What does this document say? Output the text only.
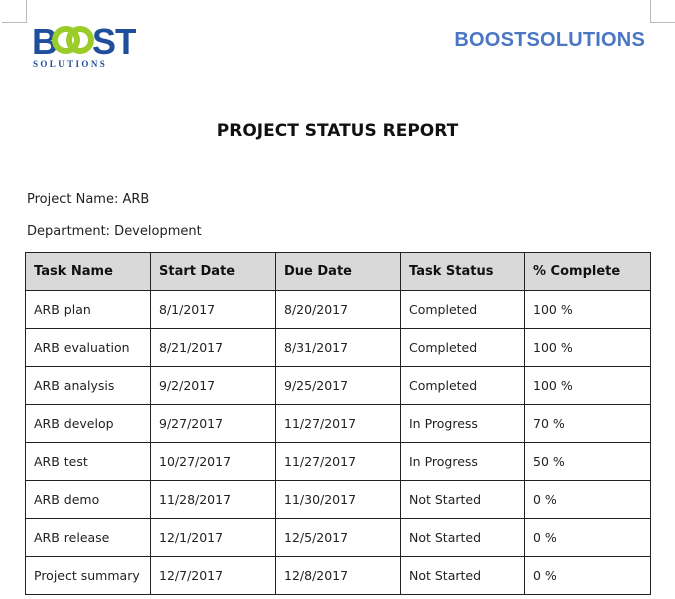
B ST
SOLUTIONS
BOOSTSOLUTIONS
PROJECT STATUS REPORT
Project Name: ARB
Department: Development
Task Name	Start Date	Due Date	Task Status	% Complete
ARB plan	8/1/2017	8/20/2017	Completed	100 %
ARB evaluation	8/21/2017	8/31/2017	Completed	100 %
ARB analysis	9/2/2017	9/25/2017	Completed	100 %
ARB develop	9/27/2017	11/27/2017	In Progress	70 %
ARB test	10/27/2017	11/27/2017	In Progress	50 %
ARB demo	11/28/2017	11/30/2017	Not Started	0 %
ARB release	12/1/2017	12/5/2017	Not Started	0 %
Project summary	12/7/2017	12/8/2017	Not Started	0 %
